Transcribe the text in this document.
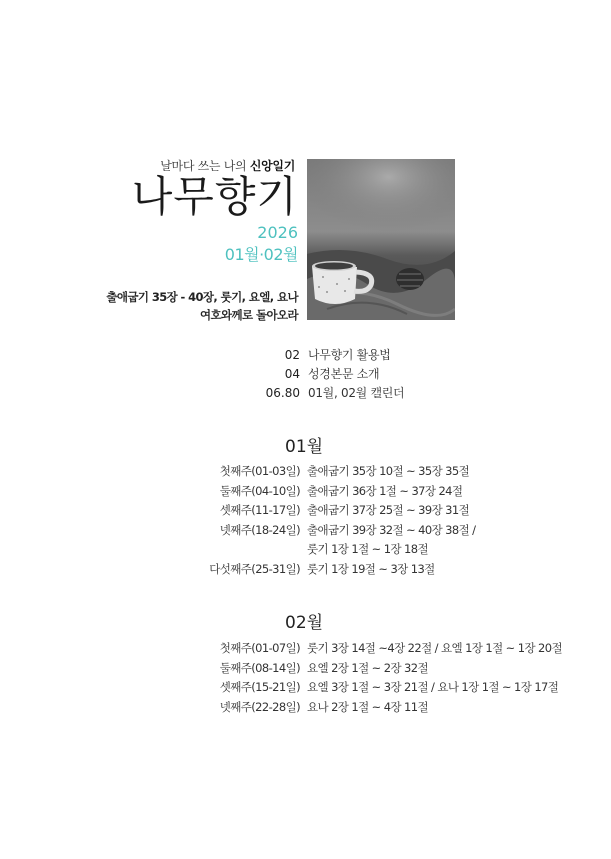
날마다 쓰는 나의 신앙일기
나무향기
2026
01월·02월
출애굽기 35장 - 40장, 룻기, 요엘, 요나
여호와께로 돌아오라
02 나무향기 활용법
04 성경본문 소개
06.80 01월, 02월 캘린더
01월
첫째주(01-03일) 출애굽기 35장 10절 ~ 35장 35절
둘째주(04-10일) 출애굽기 36장 1절 ~ 37장 24절
셋째주(11-17일) 출애굽기 37장 25절 ~ 39장 31절
넷째주(18-24일) 출애굽기 39장 32절 ~ 40장 38절 /
룻기 1장 1절 ~ 1장 18절
다섯째주(25-31일) 룻기 1장 19절 ~ 3장 13절
02월
첫째주(01-07일) 룻기 3장 14절 ~4장 22절 / 요엘 1장 1절 ~ 1장 20절
둘째주(08-14일) 요엘 2장 1절 ~ 2장 32절
셋째주(15-21일) 요엘 3장 1절 ~ 3장 21절 / 요나 1장 1절 ~ 1장 17절
넷째주(22-28일) 요나 2장 1절 ~ 4장 11절
